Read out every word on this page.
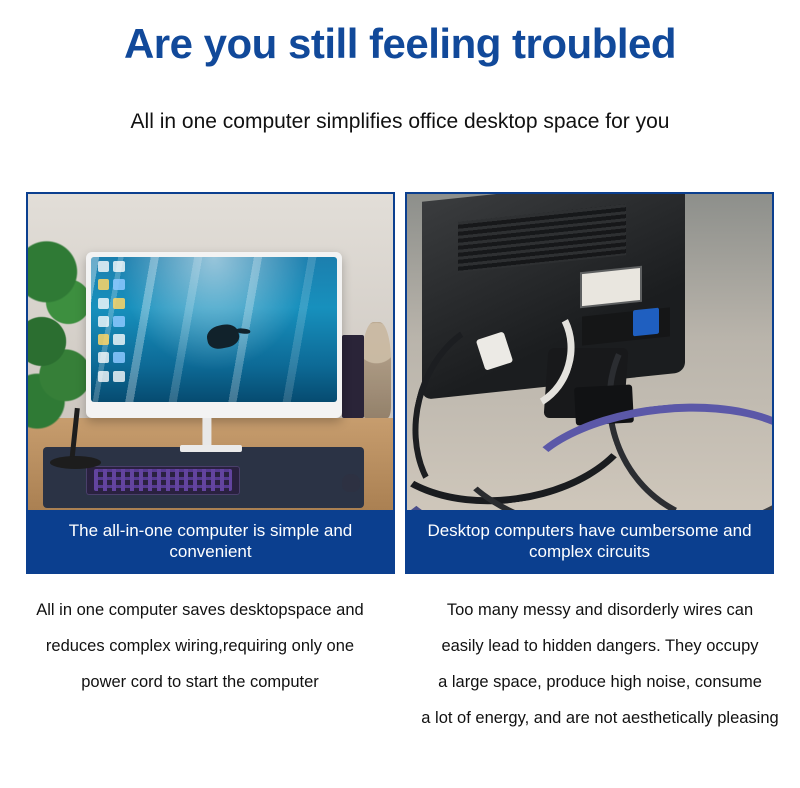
Are you still feeling troubled
All in one computer simplifies office desktop space for you
The all-in-one computer is simple and convenient
Desktop computers have cumbersome and complex circuits
All in one computer saves desktopspace and
reduces complex wiring,requiring only one
power cord to start the computer
Too many messy and disorderly wires can
easily lead to hidden dangers. They occupy
a large space, produce high noise, consume
a lot of energy, and are not aesthetically pleasing
